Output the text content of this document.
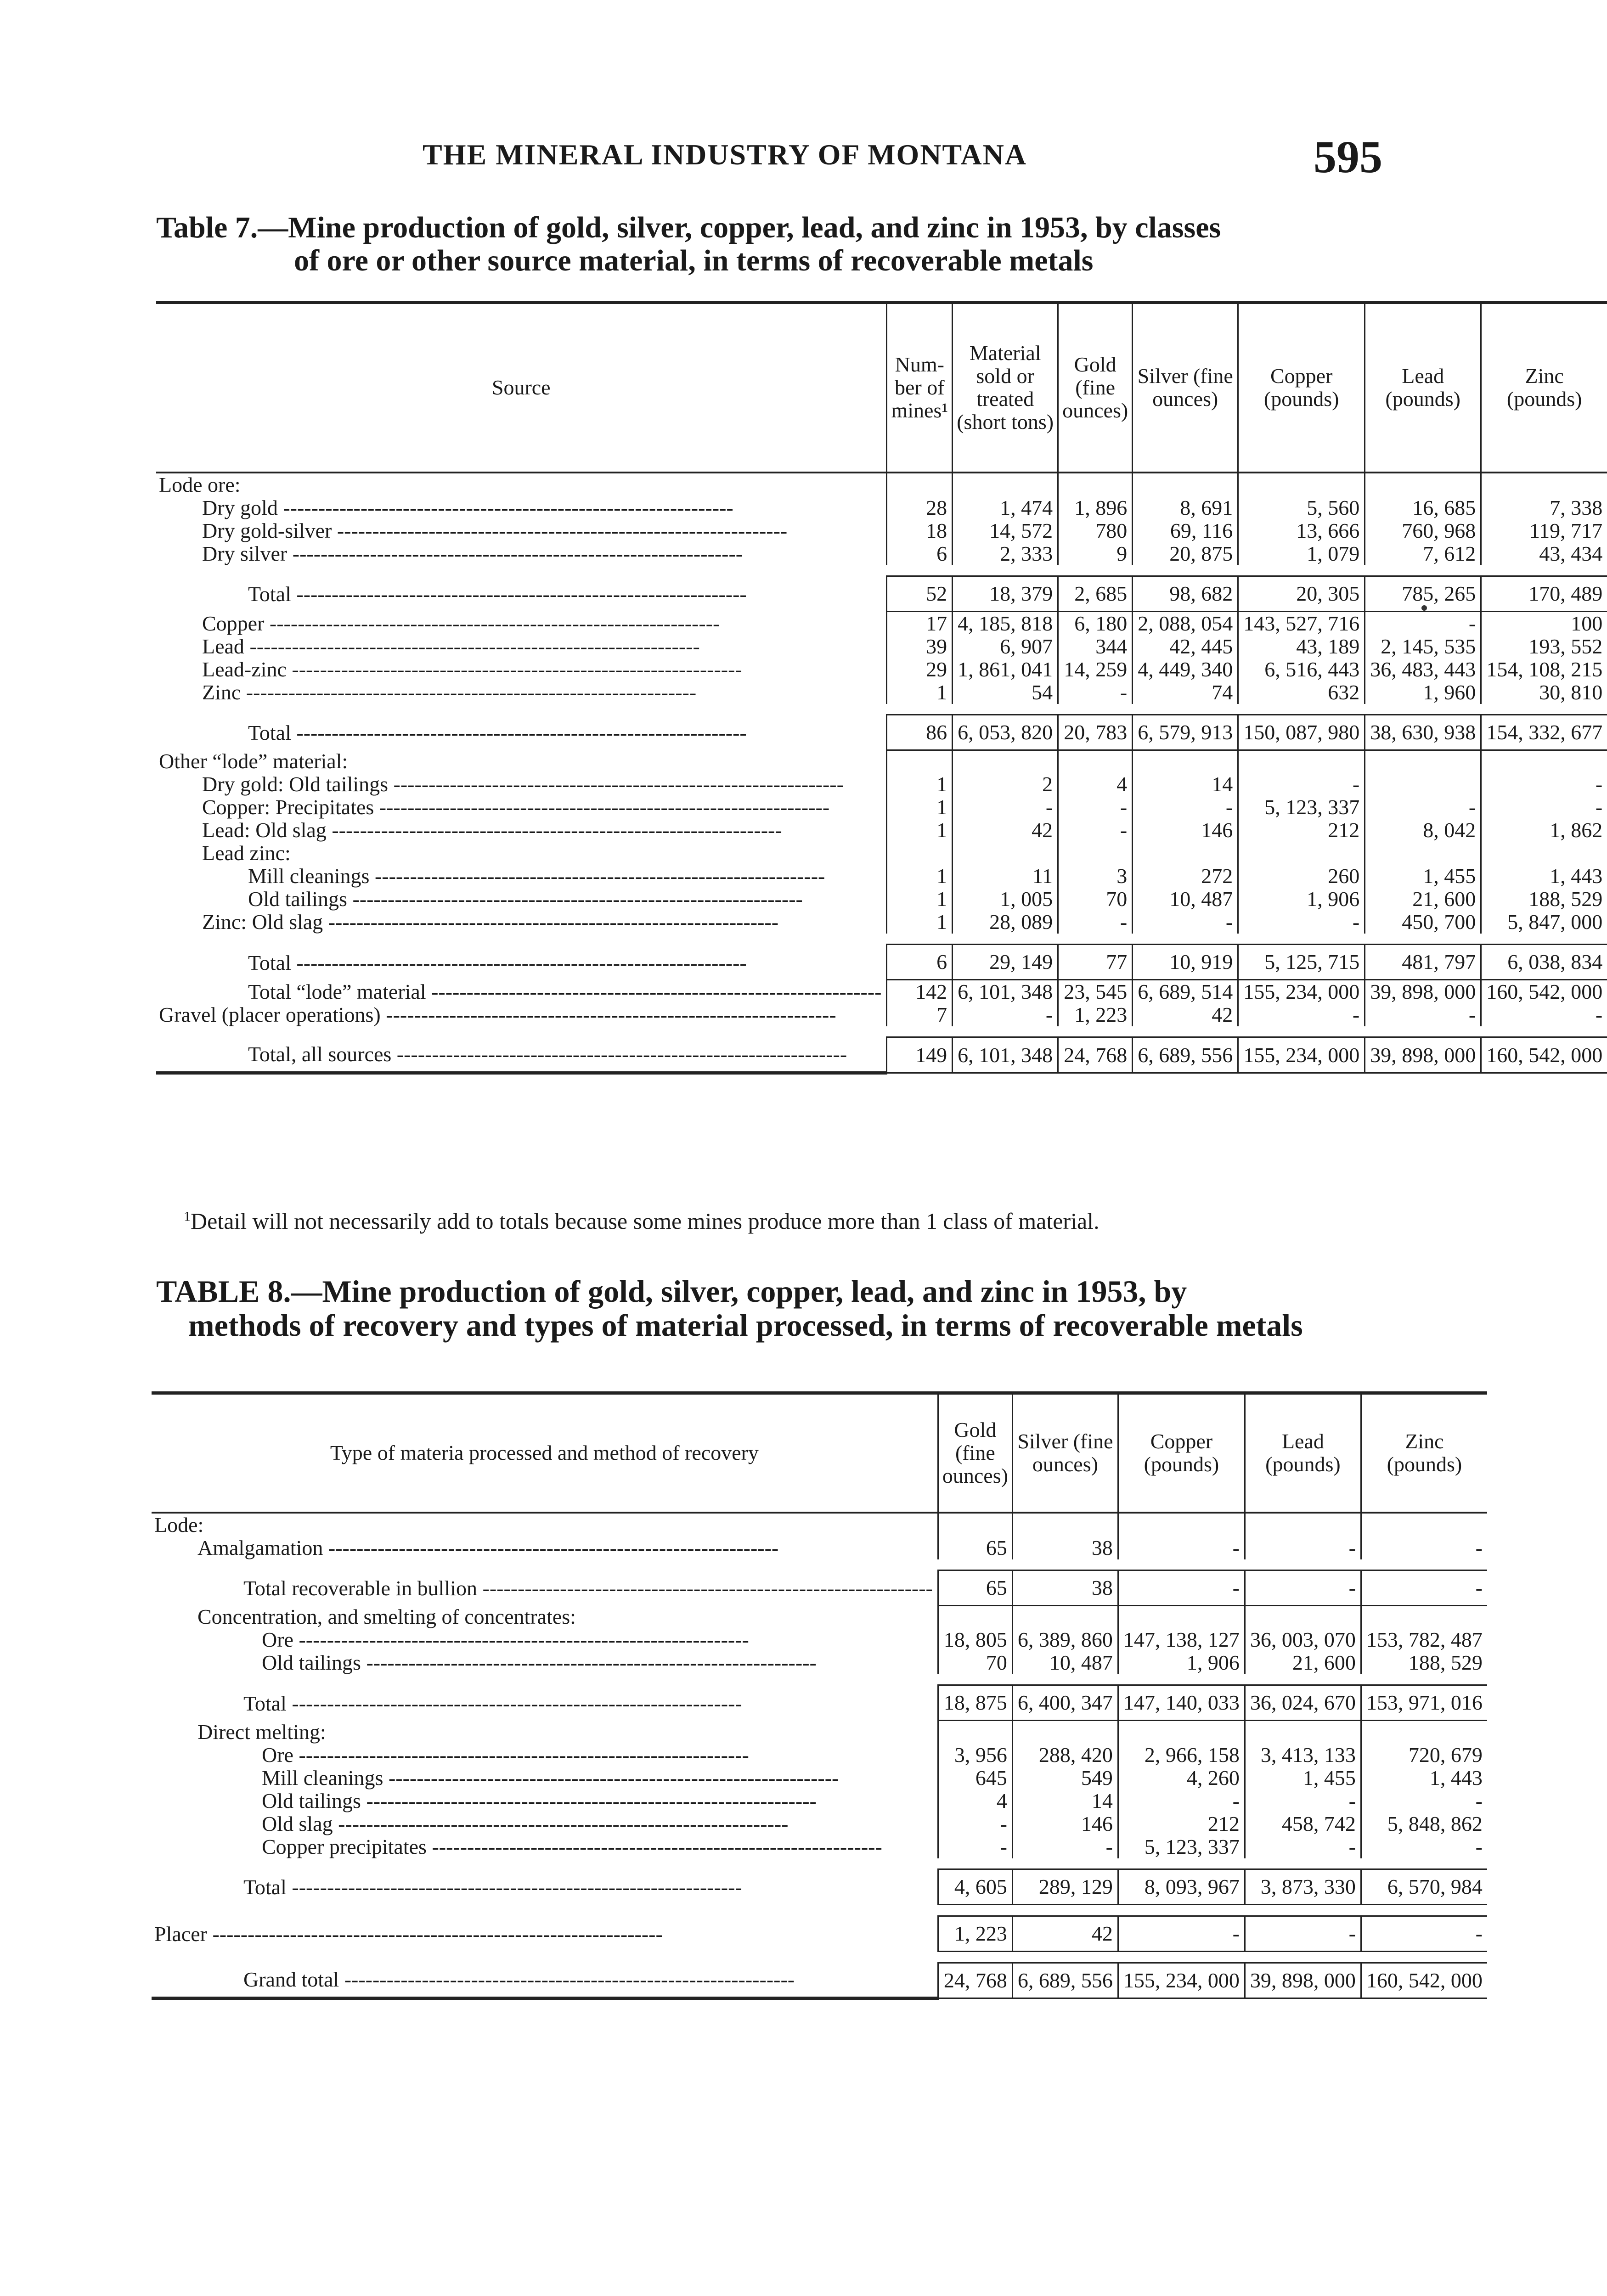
THE MINERAL INDUSTRY OF MONTANA	595
Table 7.—Mine production of gold, silver, copper, lead, and zinc in 1953, by classes
of ore or other source material, in terms of recoverable metals
Source	Num-ber of mines¹	Material sold or treated (short tons)	Gold (fine ounces)	Silver (fine ounces)	Copper (pounds)	Lead (pounds)	Zinc (pounds)

Lode ore:							

Dry gold -----	28	1, 474	1, 896	8, 691	5, 560	16, 685	7, 338

Dry gold-silver -----	18	14, 572	780	69, 116	13, 666	760, 968	119, 717

Dry silver -----	6	2, 333	9	20, 875	1, 079	7, 612	43, 434

Total -----	52	18, 379	2, 685	98, 682	20, 305	785, 265	170, 489

Copper -----	17	4, 185, 818	6, 180	2, 088, 054	143, 527, 716	-	100

Lead -----	39	6, 907	344	42, 445	43, 189	2, 145, 535	193, 552

Lead-zinc -----	29	1, 861, 041	14, 259	4, 449, 340	6, 516, 443	36, 483, 443	154, 108, 215

Zinc -----	1	54	-	74	632	1, 960	30, 810

Total -----	86	6, 053, 820	20, 783	6, 579, 913	150, 087, 980	38, 630, 938	154, 332, 677

Other “lode” material:							

Dry gold: Old tailings -----	1	2	4	14	-		-

Copper: Precipitates -----	1	-	-	-	5, 123, 337	-	-

Lead: Old slag -----	1	42	-	146	212	8, 042	1, 862

Lead zinc:							

Mill cleanings -----	1	11	3	272	260	1, 455	1, 443

Old tailings -----	1	1, 005	70	10, 487	1, 906	21, 600	188, 529

Zinc: Old slag -----	1	28, 089	-	-	-	450, 700	5, 847, 000

Total -----	6	29, 149	77	10, 919	5, 125, 715	481, 797	6, 038, 834

Total “lode” material -----	142	6, 101, 348	23, 545	6, 689, 514	155, 234, 000	39, 898, 000	160, 542, 000

Gravel (placer operations) -----	7	-	1, 223	42	-	-	-

Total, all sources -----	149	6, 101, 348	24, 768	6, 689, 556	155, 234, 000	39, 898, 000	160, 542, 000
$^1$Detail will not necessarily add to totals because some mines produce more than 1 class of material.
TABLE 8.—Mine production of gold, silver, copper, lead, and zinc in 1953, by
methods of recovery and types of material processed, in terms of recoverable metals
Type of materia processed and method of recovery	Gold (fine ounces)	Silver (fine ounces)	Copper (pounds)	Lead (pounds)	Zinc (pounds)

Lode:					

Amalgamation -----	65	38	-	-	-

Total recoverable in bullion -----	65	38	-	-	-

Concentration, and smelting of concentrates:					

Ore -----	18, 805	6, 389, 860	147, 138, 127	36, 003, 070	153, 782, 487

Old tailings -----	70	10, 487	1, 906	21, 600	188, 529

Total -----	18, 875	6, 400, 347	147, 140, 033	36, 024, 670	153, 971, 016

Direct melting:					

Ore -----	3, 956	288, 420	2, 966, 158	3, 413, 133	720, 679

Mill cleanings -----	645	549	4, 260	1, 455	1, 443

Old tailings -----	4	14	-	-	-

Old slag -----	-	146	212	458, 742	5, 848, 862

Copper precipitates -----	-	-	5, 123, 337	-	-

Total -----	4, 605	289, 129	8, 093, 967	3, 873, 330	6, 570, 984

Placer -----	1, 223	42	-	-	-

Grand total -----	24, 768	6, 689, 556	155, 234, 000	39, 898, 000	160, 542, 000
